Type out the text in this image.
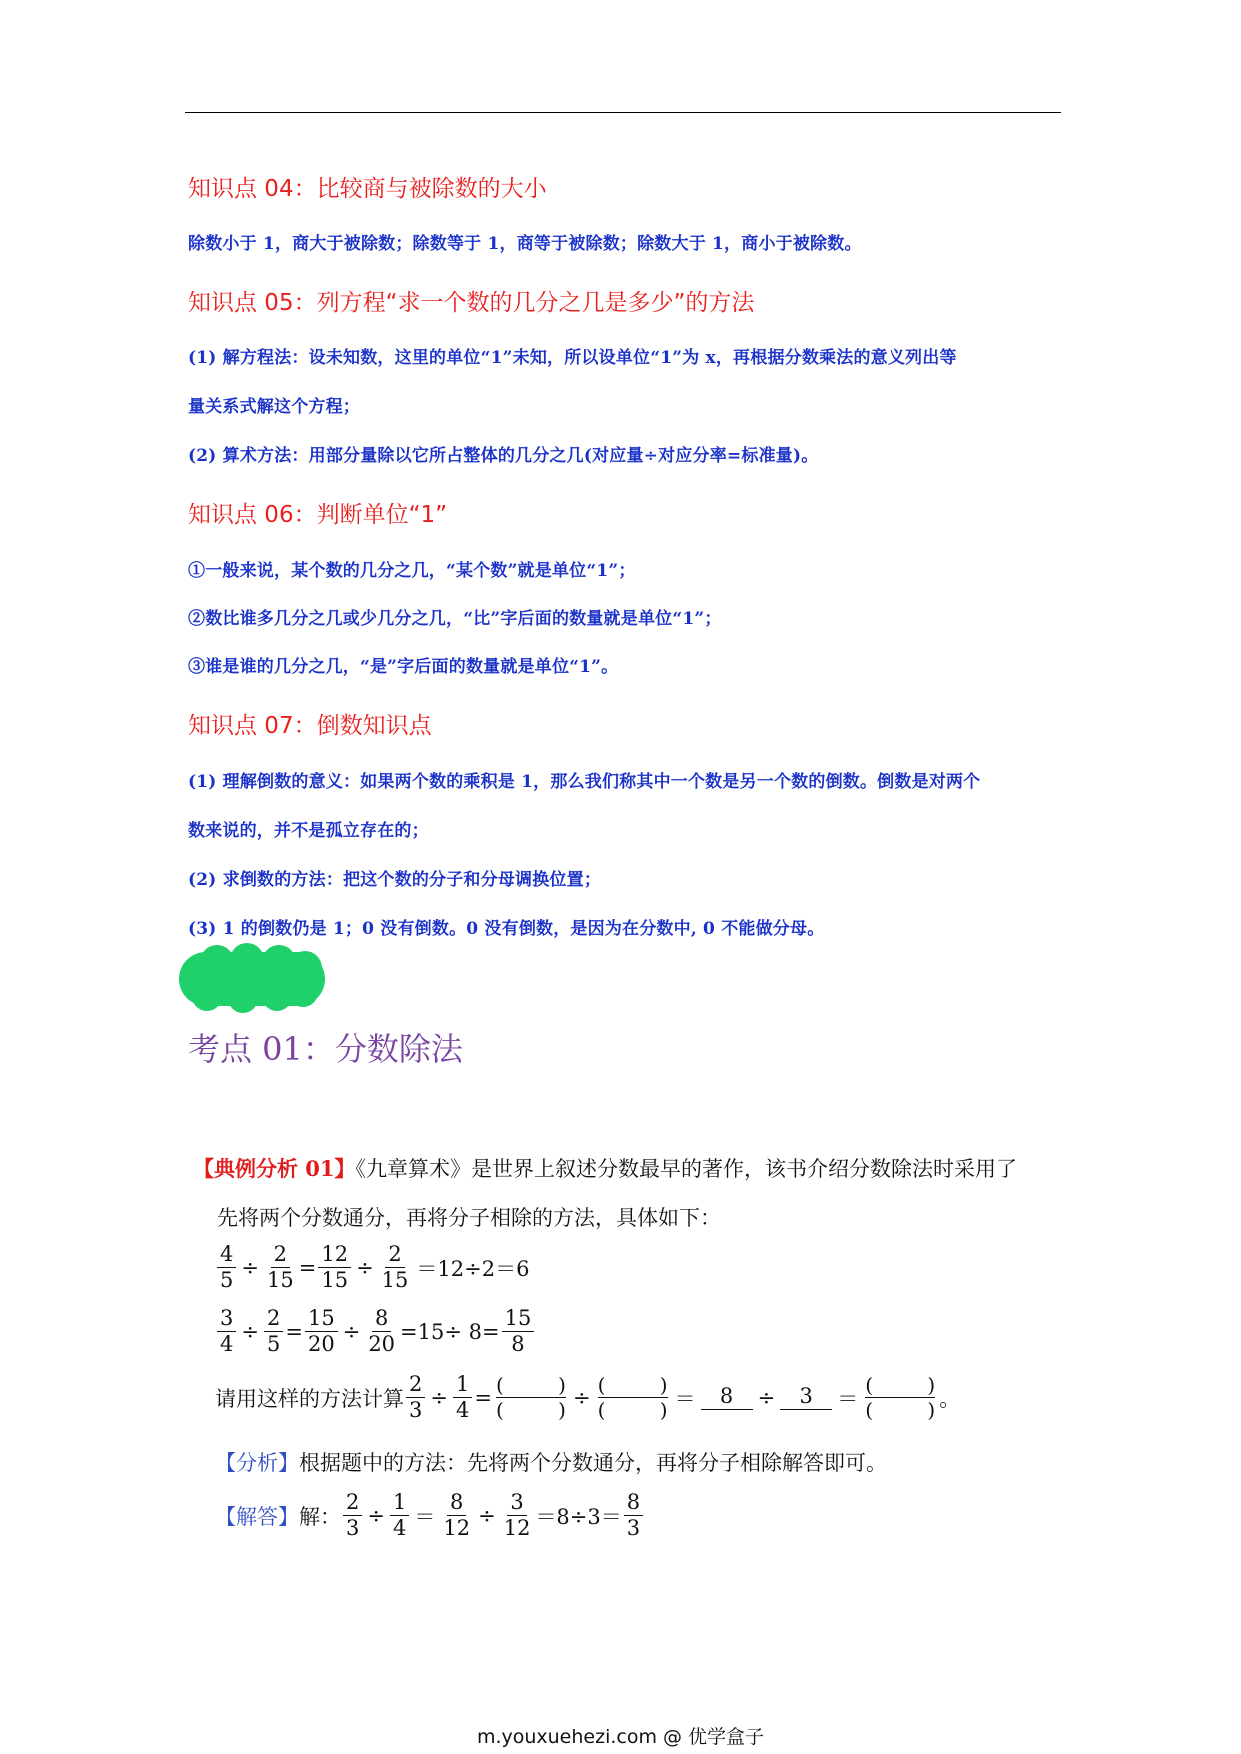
知识点 04：比较商与被除数的大小
除数小于 1，商大于被除数；除数等于 1，商等于被除数；除数大于 1，商小于被除数。
知识点 05：列方程“求一个数的几分之几是多少”的方法
(1) 解方程法：设未知数，这里的单位“1”未知，所以设单位“1”为 x，再根据分数乘法的意义列出等
量关系式解这个方程；
(2) 算术方法：用部分量除以它所占整体的几分之几(对应量÷对应分率=标准量)。
知识点 06：判断单位“1”
①一般来说，某个数的几分之几，“某个数”就是单位“1”；
②数比谁多几分之几或少几分之几，“比”字后面的数量就是单位“1”；
③谁是谁的几分之几，“是”字后面的数量就是单位“1”。
知识点 07：倒数知识点
(1) 理解倒数的意义：如果两个数的乘积是 1，那么我们称其中一个数是另一个数的倒数。倒数是对两个
数来说的，并不是孤立存在的；
(2) 求倒数的方法：把这个数的分子和分母调换位置；
(3) 1 的倒数仍是 1；0 没有倒数。0 没有倒数，是因为在分数中, 0 不能做分母。
考点 01：分数除法
【典例分析 01】《九章算术》是世界上叙述分数最早的著作，该书介绍分数除法时采用了
先将两个分数通分，再将分子相除的方法，具体如下：
$\frac{4}{5} \div \frac{2}{15} = \frac{12}{15} \div \frac{2}{15} =12\div 2=6$
$\frac{3}{4} \div \frac{2}{5} = \frac{15}{20} \div \frac{8}{20} =15\div 8= \frac{15}{8}$
请用这样的方法计算 $\frac{2}{3} \div \frac{1}{4}$ = (	)
(	) ÷ (	)
(	) ＝	8	÷	3	＝ (	)
(	) 。
【分析】根据题中的方法：先将两个分数通分，再将分子相除解答即可。
【解答】 解： $\frac{2}{3} \div \frac{1}{4} = \frac{8}{12} \div \frac{3}{12} =8\div 3= \frac{8}{3}$
m.youxuehezi.com @ 优学盒子
